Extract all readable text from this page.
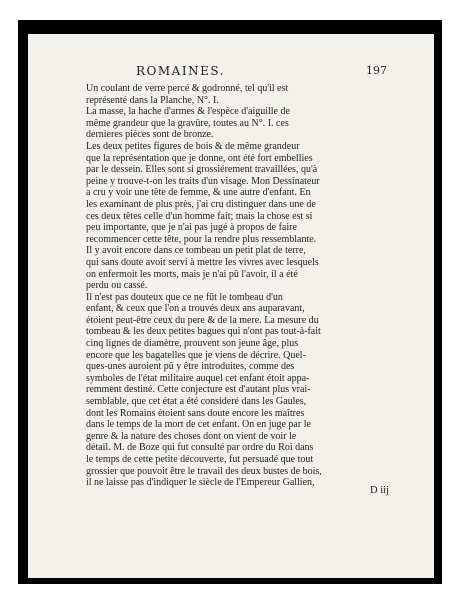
ROMAINES.	197
Un coulant de verre percé & godronné, tel qu'il est
représenté dans la Planche, N°. I.
La masse, la hache d'armes & l'espèce d'aiguille de
même grandeur que la gravûre, toutes au N°. I. ces
dernieres pièces sont de bronze.
Les deux petites figures de bois & de même grandeur
que la représentation que je donne, ont été fort embellies
par le dessein. Elles sont si grossiérement travaillées, qu'à
peine y trouve-t-on les traits d'un visage. Mon Dessinateur
a cru y voir une tête de femme, & une autre d'enfant. En
les examinant de plus près, j'ai cru distinguer dans une de
ces deux têtes celle d'un homme fait; mais la chose est si
peu importante, que je n'ai pas jugé à propos de faire
recommencer cette tête, pour la rendre plus ressemblante.
Il y avoit encore dans ce tombeau un petit plat de terre,
qui sans doute avoit servi à mettre les vivres avec lesquels
on enfermoit les morts, mais je n'ai pû l'avoir, il a été
perdu ou cassé.
Il n'est pas douteux que ce ne fût le tombeau d'un
enfant, & ceux que l'on a trouvés deux ans auparavant,
étoient peut-être ceux du pere & de la mere. La mesure du
tombeau & les deux petites bagues qui n'ont pas tout-à-fait
cinq lignes de diamètre, prouvent son jeune âge, plus
encore que les bagatelles que je viens de décrire. Quel-
ques-unes auroient pû y être introduites, comme des
symboles de l'état militaire auquel cet enfant étoit appa-
remment destiné. Cette conjecture est d'autant plus vrai-
semblable, que cet état a été consideré dans les Gaules,
dont les Romains étoient sans doute encore les maîtres
dans le temps de la mort de cet enfant. On en juge par le
genre & la nature des choses dont on vient de voir le
détail. M. de Boze qui fut consulté par ordre du Roi dans
le temps de cette petite découverte, fut persuadé que tout
grossier que pouvoit être le travail des deux bustes de bois,
il ne laisse pas d'indiquer le siècle de l'Empereur Gallien,
D iij
